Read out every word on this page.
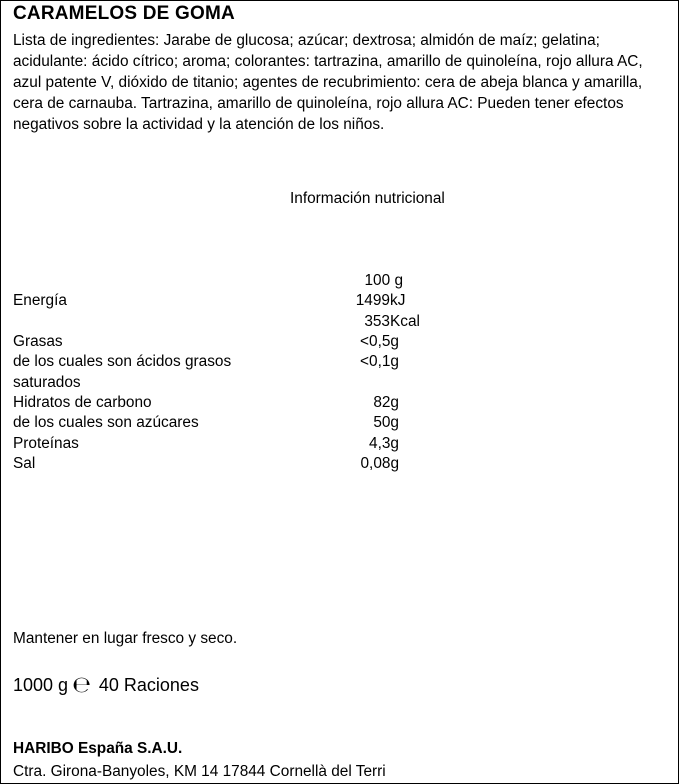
CARAMELOS DE GOMA
Lista de ingredientes: Jarabe de glucosa; azúcar; dextrosa; almidón de maíz; gelatina; acidulante: ácido cítrico; aroma; colorantes: tartrazina, amarillo de quinoleína, rojo allura AC, azul patente V, dióxido de titanio; agentes de recubrimiento: cera de abeja blanca y amarilla, cera de carnauba. Tartrazina, amarillo de quinoleína, rojo allura AC: Pueden tener efectos negativos sobre la actividad y la atención de los niños.
Información nutricional
100 g
Energía	1499 kJ
353 Kcal
Grasas	<0,5g
de los cuales son ácidos grasos	<0,1g
saturados
Hidratos de carbono	82g
de los cuales son azúcares	50g
Proteínas	4,3g
Sal	0,08g
Mantener en lugar fresco y seco.
1000 g ℮ 40 Raciones
HARIBO España S.A.U.
Ctra. Girona-Banyoles, KM 14 17844 Cornellà del Terri
